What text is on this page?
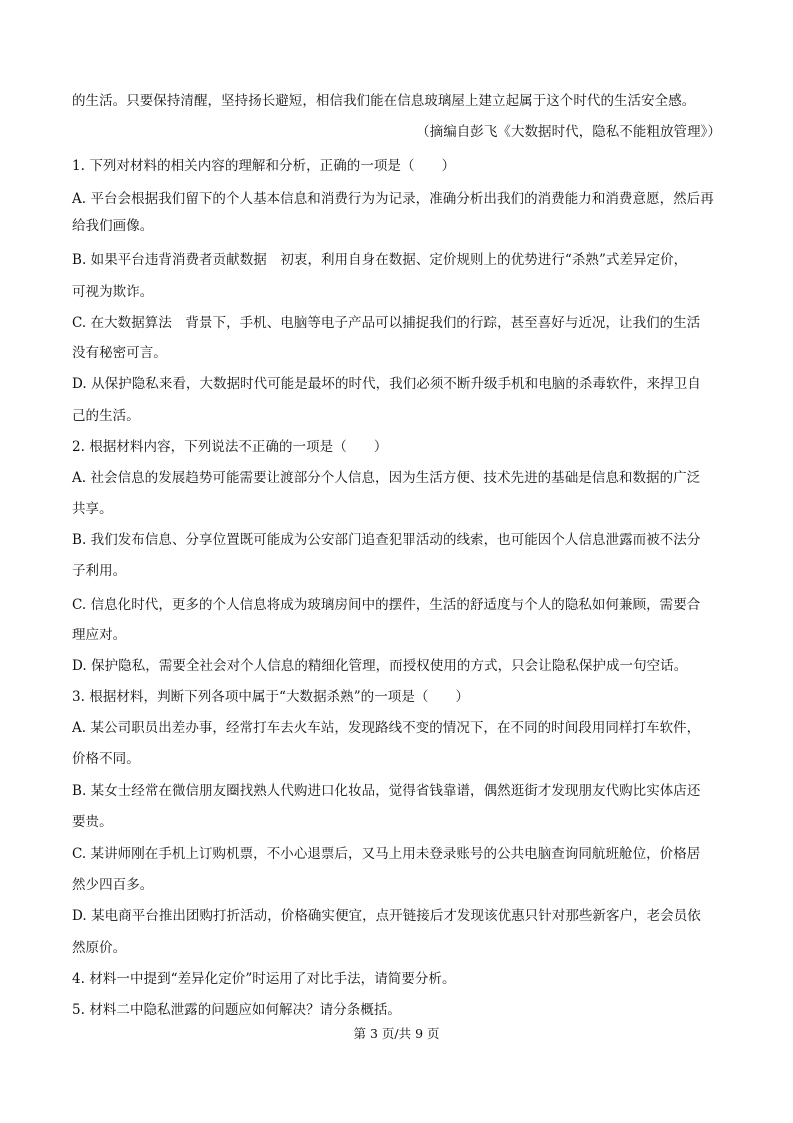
的生活。只要保持清醒，坚持扬长避短，相信我们能在信息玻璃屋上建立起属于这个时代的生活安全感。
（摘编自彭飞《大数据时代，隐私不能粗放管理》）
1. 下列对材料的相关内容的理解和分析，正确的一项是（　　）
A. 平台会根据我们留下的个人基本信息和消费行为为记录，准确分析出我们的消费能力和消费意愿，然后再
给我们画像。
B. 如果平台违背消费者贡献数据　初衷，利用自身在数据、定价规则上的优势进行“杀熟”式差异定价，
可视为欺诈。
C. 在大数据算法　背景下，手机、电脑等电子产品可以捕捉我们的行踪，甚至喜好与近况，让我们的生活
没有秘密可言。
D. 从保护隐私来看，大数据时代可能是最坏的时代，我们必须不断升级手机和电脑的杀毒软件，来捍卫自
己的生活。
2. 根据材料内容，下列说法不正确的一项是（　　）
A. 社会信息的发展趋势可能需要让渡部分个人信息，因为生活方便、技术先进的基础是信息和数据的广泛
共享。
B. 我们发布信息、分享位置既可能成为公安部门追查犯罪活动的线索，也可能因个人信息泄露而被不法分
子利用。
C. 信息化时代，更多的个人信息将成为玻璃房间中的摆件，生活的舒适度与个人的隐私如何兼顾，需要合
理应对。
D. 保护隐私，需要全社会对个人信息的精细化管理，而授权使用的方式，只会让隐私保护成一句空话。
3. 根据材料，判断下列各项中属于“大数据杀熟”的一项是（　　）
A. 某公司职员出差办事，经常打车去火车站，发现路线不变的情况下，在不同的时间段用同样打车软件，
价格不同。
B. 某女士经常在微信朋友圈找熟人代购进口化妆品，觉得省钱靠谱，偶然逛街才发现朋友代购比实体店还
要贵。
C. 某讲师刚在手机上订购机票，不小心退票后，又马上用未登录账号的公共电脑查询同航班舱位，价格居
然少四百多。
D. 某电商平台推出团购打折活动，价格确实便宜，点开链接后才发现该优惠只针对那些新客户，老会员依
然原价。
4. 材料一中提到“差异化定价”时运用了对比手法，请简要分析。
5. 材料二中隐私泄露的问题应如何解决？请分条概括。
第 3 页/共 9 页
